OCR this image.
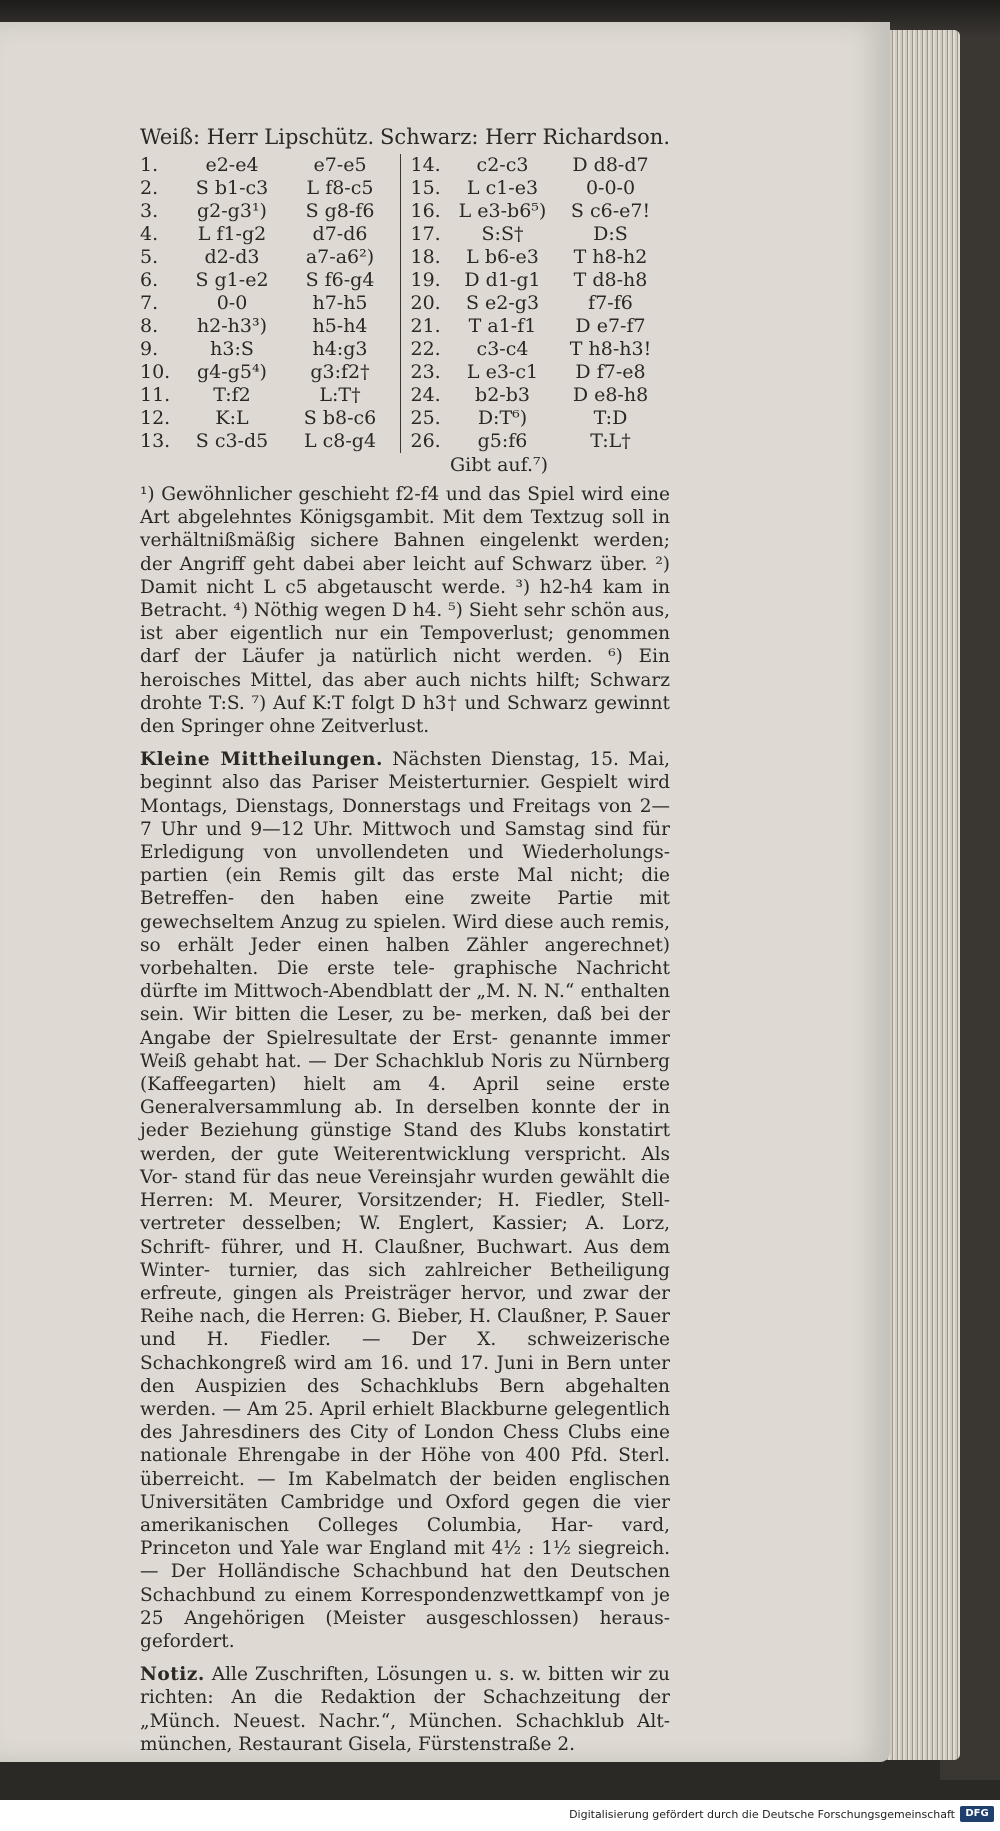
Weiß: Herr Lipschütz. Schwarz: Herr Richardson.
1.	e2-e4	e7-e5
2.	S b1-c3	L f8-c5
3.	g2-g3¹)	S g8-f6
4.	L f1-g2	d7-d6
5.	d2-d3	a7-a6²)
6.	S g1-e2	S f6-g4
7.	0-0	h7-h5
8.	h2-h3³)	h5-h4
9.	h3:S	h4:g3
10.	g4-g5⁴)	g3:f2†
11.	T:f2	L:T†
12.	K:L	S b8-c6
13.	S c3-d5	L c8-g4
14.	c2-c3	D d8-d7
15.	L c1-e3	0-0-0
16. L e3-b6⁵)	S c6-e7!
17.	S:S†	D:S
18.	L b6-e3	T h8-h2
19.	D d1-g1	T d8-h8
20.	S e2-g3	f7-f6
21.	T a1-f1	D e7-f7
22.	c3-c4	T h8-h3!
23.	L e3-c1	D f7-e8
24.	b2-b3	D e8-h8
25.	D:T⁶)	T:D
26.	g5:f6	T:L†
Gibt auf.⁷)
¹) Gewöhnlicher geschieht f2-f4 und das Spiel wird eine Art abgelehntes Königsgambit. Mit dem Textzug soll in verhältnißmäßig sichere Bahnen eingelenkt werden; der Angriff geht dabei aber leicht auf Schwarz über. ²) Damit nicht L c5 abgetauscht werde. ³) h2-h4 kam in Betracht. ⁴) Nöthig wegen D h4. ⁵) Sieht sehr schön aus, ist aber eigentlich nur ein Tempoverlust; genommen darf der Läufer ja natürlich nicht werden. ⁶) Ein heroisches Mittel, das aber auch nichts hilft; Schwarz drohte T:S. ⁷) Auf K:T folgt D h3† und Schwarz gewinnt den Springer ohne Zeitverlust.

Kleine Mittheilungen. Nächsten Dienstag, 15. Mai, beginnt also das Pariser Meisterturnier. Gespielt wird Montags, Dienstags, Donnerstags und Freitags von 2—7 Uhr und 9—12 Uhr. Mittwoch und Samstag sind für Erledigung von unvollendeten und Wiederholungs- partien (ein Remis gilt das erste Mal nicht; die Betreffen- den haben eine zweite Partie mit gewechseltem Anzug zu spielen. Wird diese auch remis, so erhält Jeder einen halben Zähler angerechnet) vorbehalten. Die erste tele- graphische Nachricht dürfte im Mittwoch-Abendblatt der „M. N. N.“ enthalten sein. Wir bitten die Leser, zu be- merken, daß bei der Angabe der Spielresultate der Erst- genannte immer Weiß gehabt hat. — Der Schachklub Noris zu Nürnberg (Kaffeegarten) hielt am 4. April seine erste Generalversammlung ab. In derselben konnte der in jeder Beziehung günstige Stand des Klubs konstatirt werden, der gute Weiterentwicklung verspricht. Als Vor- stand für das neue Vereinsjahr wurden gewählt die Herren: M. Meurer, Vorsitzender; H. Fiedler, Stell- vertreter desselben; W. Englert, Kassier; A. Lorz, Schrift- führer, und H. Claußner, Buchwart. Aus dem Winter- turnier, das sich zahlreicher Betheiligung erfreute, gingen als Preisträger hervor, und zwar der Reihe nach, die Herren: G. Bieber, H. Claußner, P. Sauer und H. Fiedler. — Der X. schweizerische Schachkongreß wird am 16. und 17. Juni in Bern unter den Auspizien des Schachklubs Bern abgehalten werden. — Am 25. April erhielt Blackburne gelegentlich des Jahresdiners des City of London Chess Clubs eine nationale Ehrengabe in der Höhe von 400 Pfd. Sterl. überreicht. — Im Kabelmatch der beiden englischen Universitäten Cambridge und Oxford gegen die vier amerikanischen Colleges Columbia, Har- vard, Princeton und Yale war England mit 4½ : 1½ siegreich. — Der Holländische Schachbund hat den Deutschen Schachbund zu einem Korrespondenzwettkampf von je 25 Angehörigen (Meister ausgeschlossen) heraus- gefordert.

Notiz. Alle Zuschriften, Lösungen u. s. w. bitten wir zu richten: An die Redaktion der Schachzeitung der „Münch. Neuest. Nachr.“, München. Schachklub Alt- münchen, Restaurant Gisela, Fürstenstraße 2.

Digitalisierung gefördert durch die Deutsche Forschungsgemeinschaft	DFG
